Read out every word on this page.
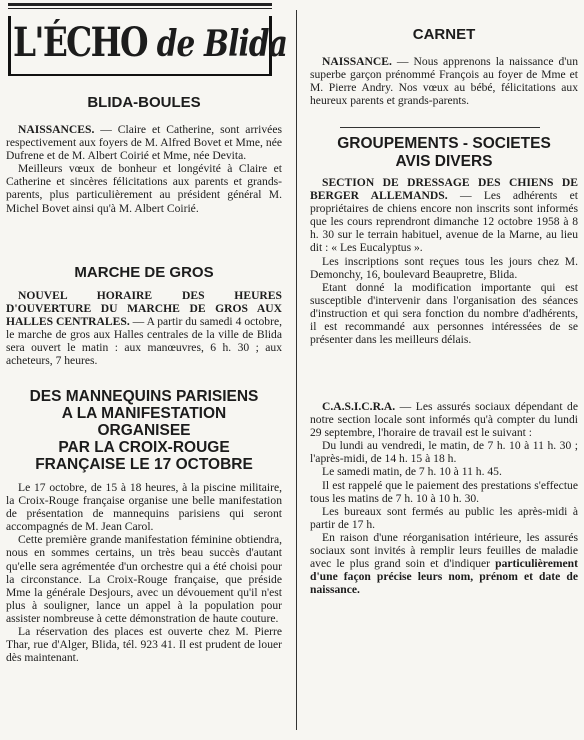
L'ÉCHO de Blida

BLIDA-BOULES

NAISSANCES. — Claire et Catherine, sont arrivées respectivement aux foyers de M. Alfred Bovet et Mme, née Dufrene et de M. Albert Coirié et Mme, née Devita.

Meilleurs vœux de bonheur et longévité à Claire et Catherine et sincères félicitations aux parents et grands-parents, plus particulièrement au président général M. Michel Bovet ainsi qu'à M. Albert Coirié.

MARCHE DE GROS

NOUVEL HORAIRE DES HEURES D'OUVERTURE DU MARCHE DE GROS AUX HALLES CENTRALES. — A partir du samedi 4 octobre, le marche de gros aux Halles centrales de la ville de Blida sera ouvert le matin : aux manœuvres, 6 h. 30 ; aux acheteurs, 7 heures.

DES MANNEQUINS PARISIENS

A LA MANIFESTATION

ORGANISEE

PAR LA CROIX-ROUGE

FRANÇAISE LE 17 OCTOBRE

Le 17 octobre, de 15 à 18 heures, à la piscine militaire, la Croix-Rouge française organise une belle manifestation de présentation de mannequins parisiens qui seront accompagnés de M. Jean Carol.

Cette première grande manifestation féminine obtiendra, nous en sommes certains, un très beau succès d'autant qu'elle sera agrémentée d'un orchestre qui a été choisi pour la circonstance. La Croix-Rouge française, que préside Mme la générale Desjours, avec un dévouement qu'il n'est plus à souligner, lance un appel à la population pour assister nombreuse à cette démonstration de haute couture.

La réservation des places est ouverte chez M. Pierre Thar, rue d'Alger, Blida, tél. 923 41. Il est prudent de louer dès maintenant.

CARNET

NAISSANCE. — Nous apprenons la naissance d'un superbe garçon prénommé François au foyer de Mme et M. Pierre Andry. Nos vœux au bébé, félicitations aux heureux parents et grands-parents.

GROUPEMENTS - SOCIETES

AVIS DIVERS

SECTION DE DRESSAGE DES CHIENS DE BERGER ALLEMANDS. — Les adhérents et propriétaires de chiens encore non inscrits sont informés que les cours reprendront dimanche 12 octobre 1958 à 8 h. 30 sur le terrain habituel, avenue de la Marne, au lieu dit : « Les Eucalyptus ».

Les inscriptions sont reçues tous les jours chez M. Demonchy, 16, boulevard Beaupretre, Blida.

Etant donné la modification importante qui est susceptible d'intervenir dans l'organisation des séances d'instruction et qui sera fonction du nombre d'adhérents, il est recommandé aux personnes intéressées de se présenter dans les meilleurs délais.

C.A.S.I.C.R.A. — Les assurés sociaux dépendant de notre section locale sont informés qu'à compter du lundi 29 septembre, l'horaire de travail est le suivant :

Du lundi au vendredi, le matin, de 7 h. 10 à 11 h. 30 ; l'après-midi, de 14 h. 15 à 18 h.

Le samedi matin, de 7 h. 10 à 11 h. 45.

Il est rappelé que le paiement des prestations s'effectue tous les matins de 7 h. 10 à 10 h. 30.

Les bureaux sont fermés au public les après-midi à partir de 17 h.

En raison d'une réorganisation intérieure, les assurés sociaux sont invités à remplir leurs feuilles de maladie avec le plus grand soin et d'indiquer particulièrement d'une façon précise leurs nom, prénom et date de naissance.
